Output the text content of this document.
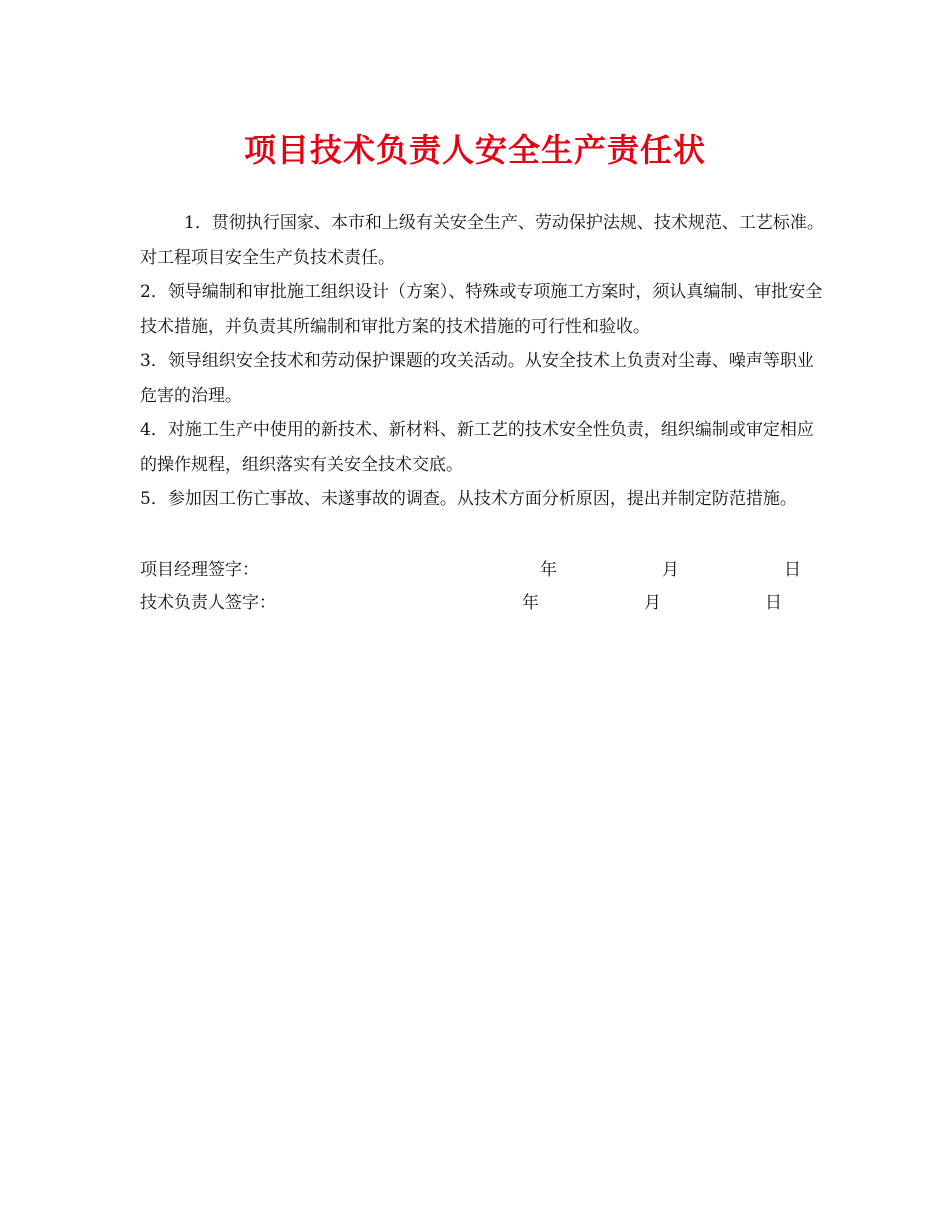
项目技术负责人安全生产责任状

1．贯彻执行国家、本市和上级有关安全生产、劳动保护法规、技术规范、工艺标准。对工程项目安全生产负技术责任。

2．领导编制和审批施工组织设计（方案）、特殊或专项施工方案时，须认真编制、审批安全技术措施，并负责其所编制和审批方案的技术措施的可行性和验收。

3．领导组织安全技术和劳动保护课题的攻关活动。从安全技术上负责对尘毒、噪声等职业危害的治理。

4．对施工生产中使用的新技术、新材料、新工艺的技术安全性负责，组织编制或审定相应的操作规程，组织落实有关安全技术交底。

5．参加因工伤亡事故、未遂事故的调查。从技术方面分析原因，提出并制定防范措施。

项目经理签字：	年	月	日
技术负责人签字：	年	月	日
